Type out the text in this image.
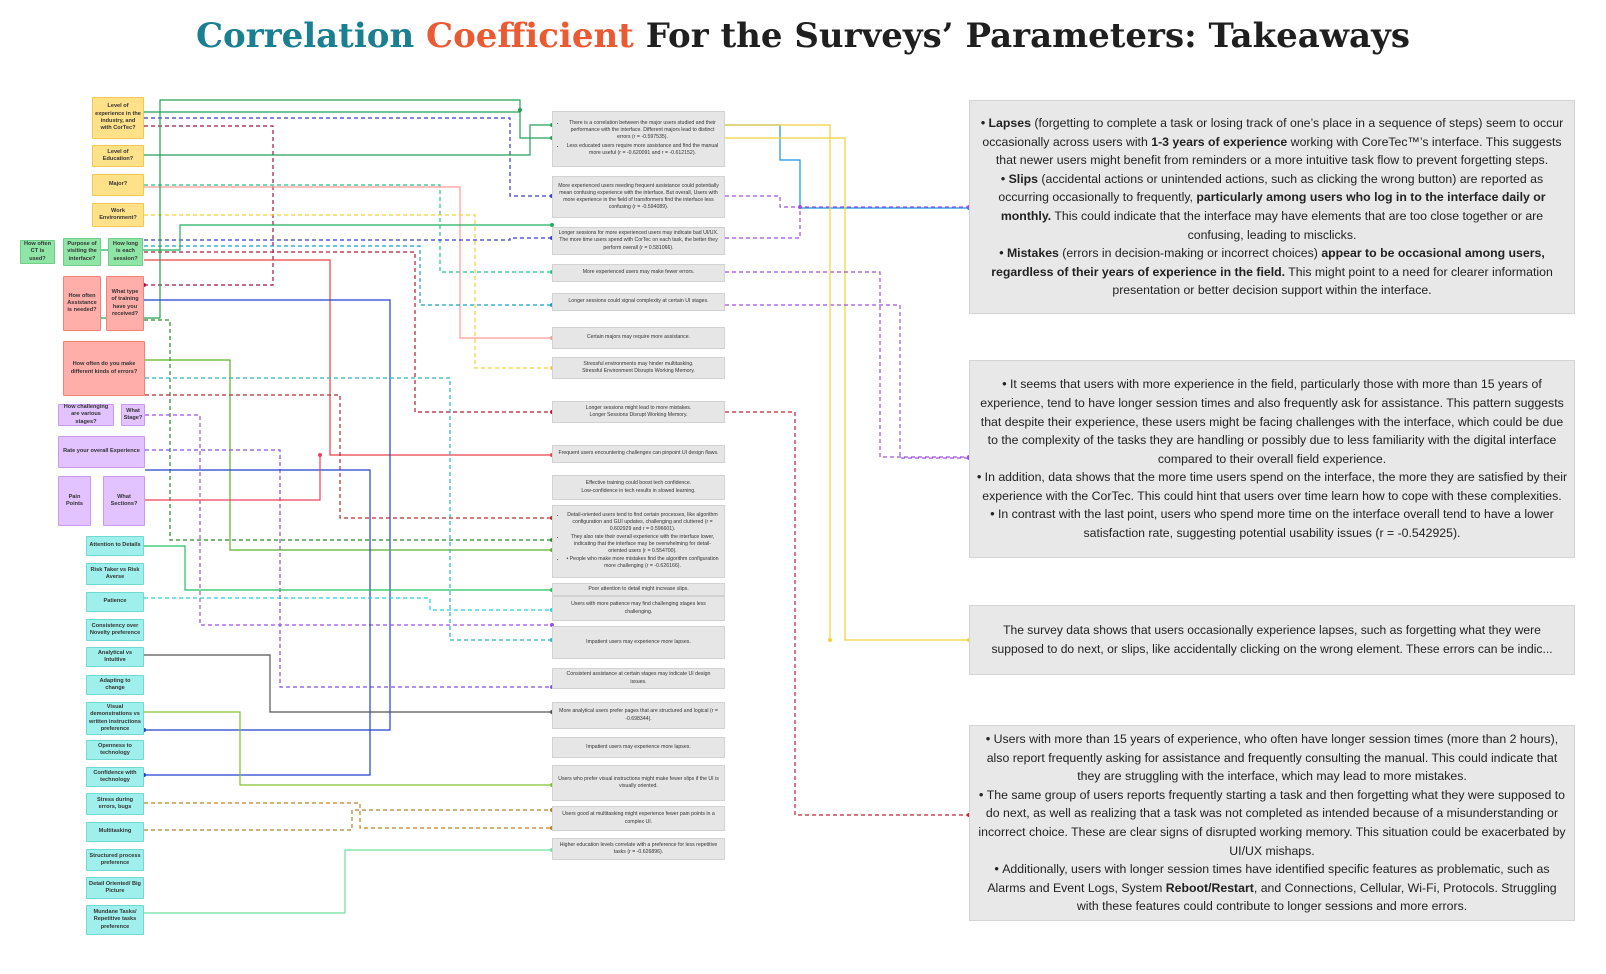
Correlation Coefficient For the Surveys’ Parameters: Takeaways
Level of experience in the industry, and with CorTec?
Level of Education?
Major?
Work Environment?
How often CT is used?
Purpose of visiting the interface?
How long is each session?
How often Assistance is needed?
What type of training have you received?
How often do you make different kinds of errors?
How challenging are various stages?
What Stage?
Rate your overall Experience
Pain Points
What Sections?
Attention to Details
Risk Taker vs Risk Averse
Patience
Consistency over Novelty preference
Analytical vs Intuitive
Adapting to change
Visual demonstrations vs written instructions preference
Openness to technology
Confidence with technology
Stress during errors, bugs
Multitasking
Structured process preference
Detail Oriented/ Big Picture
Mundane Tasks/ Repetitive tasks preference
• There is a correlation between the major users studied and their performance with the interface. Different majors lead to distinct errors (r = -0.597535).
• Less educated users require more assistance and find the manual more useful (r = -0.620091 and r = -0.612152).
More experienced users needing frequent assistance could potentially mean confusing experience with the interface. But overall, Users with more experience in the field of transformers find the interface less confusing (r = -0.594089).
Longer sessions for more experienced users may indicate bad UI/UX.
The more time users spend with CorTec on each task, the better they perform overall (r = 0.581066).
More experienced users may make fewer errors.
Longer sessions could signal complexity at certain UI stages.
Certain majors may require more assistance.
Stressful environments may hinder multitasking.
Stressful Environment Disrupts Working Memory.
Longer sessions might lead to more mistakes.
Longer Sessions Disrupt Working Memory.
Frequent users encountering challenges can pinpoint UI design flaws.
Effective training could boost tech confidence.
Low-confidence in tech results in slowed learning.
• Detail-oriented users tend to find certain processes, like algorithm configuration and GUI updates, challenging and cluttered (r = 0.602929 and r = 0.596601).
• They also rate their overall experience with the interface lower, indicating that the interface may be overwhelming for detail-oriented users (r = 0.554700).
• • People who make more mistakes find the algorithm configuration more challenging (r = -0.626166).
Poor attention to detail might increase slips.
Users with more patience may find challenging stages less challenging.
Impatient users may experience more lapses.
Consistent assistance at certain stages may indicate UI design issues.
More analytical users prefer pages that are structured and logical (r = -0.698344).
Impatient users may experience more lapses.
Users who prefer visual instructions might make fewer slips if the UI is visually oriented.
Users good at multitasking might experience fewer pain points in a complex UI.
Higher education levels correlate with a preference for less repetitive tasks (r = -0.626896).
• Lapses (forgetting to complete a task or losing track of one’s place in a sequence of steps) seem to occur occasionally across users with 1-3 years of experience working with CoreTec™’s interface. This suggests that newer users might benefit from reminders or a more intuitive task flow to prevent forgetting steps.
• Slips (accidental actions or unintended actions, such as clicking the wrong button) are reported as occurring occasionally to frequently, particularly among users who log in to the interface daily or monthly. This could indicate that the interface may have elements that are too close together or are confusing, leading to misclicks.
• Mistakes (errors in decision-making or incorrect choices) appear to be occasional among users, regardless of their years of experience in the field. This might point to a need for clearer information presentation or better decision support within the interface.
• It seems that users with more experience in the field, particularly those with more than 15 years of experience, tend to have longer session times and also frequently ask for assistance. This pattern suggests that despite their experience, these users might be facing challenges with the interface, which could be due to the complexity of the tasks they are handling or possibly due to less familiarity with the digital interface compared to their overall field experience.
• In addition, data shows that the more time users spend on the interface, the more they are satisfied by their experience with the CorTec. This could hint that users over time learn how to cope with these complexities.
• In contrast with the last point, users who spend more time on the interface overall tend to have a lower satisfaction rate, suggesting potential usability issues (r = -0.542925).
The survey data shows that users occasionally experience lapses, such as forgetting what they were
supposed to do next, or slips, like accidentally clicking on the wrong element. These errors can be indic...
• Users with more than 15 years of experience, who often have longer session times (more than 2 hours), also report frequently asking for assistance and frequently consulting the manual. This could indicate that they are struggling with the interface, which may lead to more mistakes.
• The same group of users reports frequently starting a task and then forgetting what they were supposed to do next, as well as realizing that a task was not completed as intended because of a misunderstanding or incorrect choice. These are clear signs of disrupted working memory. This situation could be exacerbated by UI/UX mishaps.
• Additionally, users with longer session times have identified specific features as problematic, such as Alarms and Event Logs, System Reboot/Restart, and Connections, Cellular, Wi-Fi, Protocols. Struggling with these features could contribute to longer sessions and more errors.
